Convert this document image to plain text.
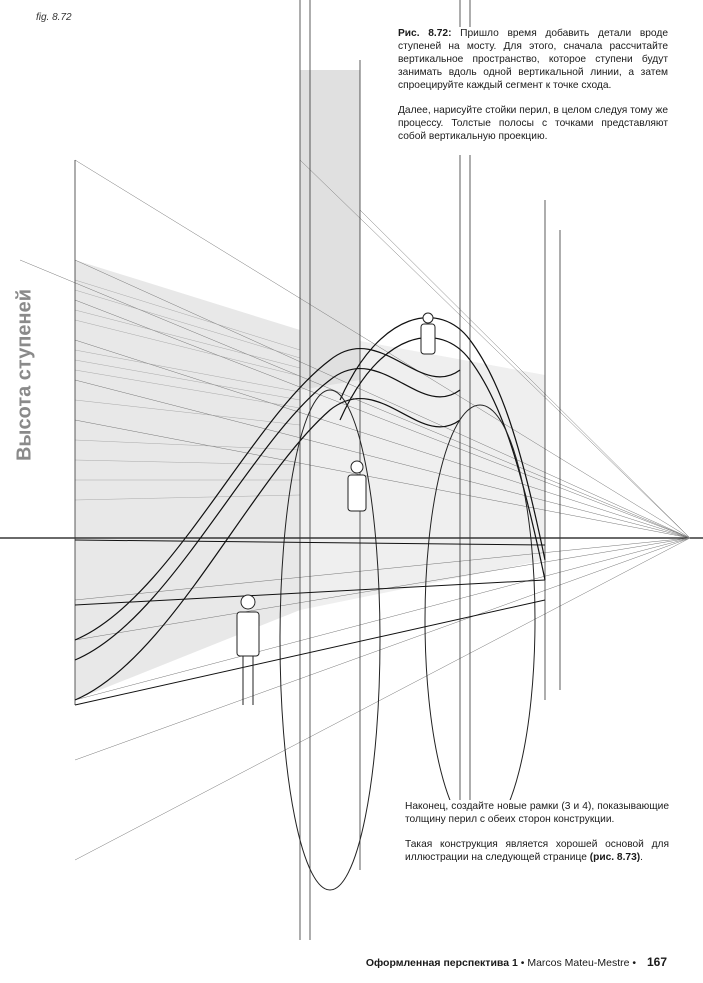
fig. 8.72
Высота ступеней

Рис. 8.72: Пришло время добавить детали вроде ступеней на мосту. Для этого, сначала рассчитайте вертикальное пространство, которое ступени будут занимать вдоль одной вертикальной линии, а затем спроецируйте каждый сегмент к точке схода.

Далее, нарисуйте стойки перил, в целом следуя тому же процессу. Толстые полосы с точками представляют собой вертикальную проекцию.

Наконец, создайте новые рамки (3 и 4), показывающие толщину перил с обеих сторон конструкции.

Такая конструкция является хорошей основой для иллюстрации на следующей странице (рис. 8.73).

Оформленная перспектива 1 • Marcos Mateu-Mestre • 167
